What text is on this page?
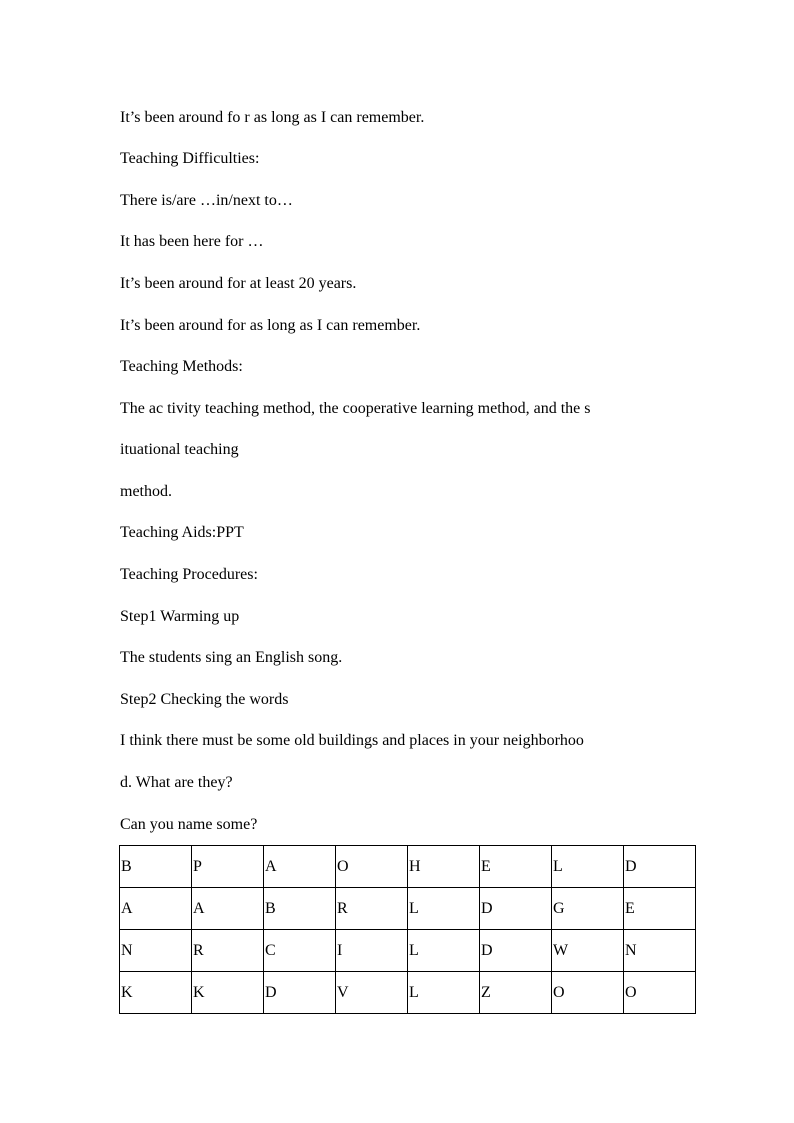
It’s been around fo r as long as I can remember.
Teaching Difficulties:
There is/are …in/next to…
It has been here for …
It’s been around for at least 20 years.
It’s been around for as long as I can remember.
Teaching Methods:
The ac tivity teaching method, the cooperative learning method, and the s
ituational teaching
method.
Teaching Aids:PPT
Teaching Procedures:
Step1 Warming up
The students sing an English song.
Step2 Checking the words
I think there must be some old buildings and places in your neighborhoo
d. What are they?
Can you name some?
B	P	A	O	H	E	L	D
A	A	B	R	L	D	G	E
N	R	C	I	L	D	W	N
K	K	D	V	L	Z	O	O
